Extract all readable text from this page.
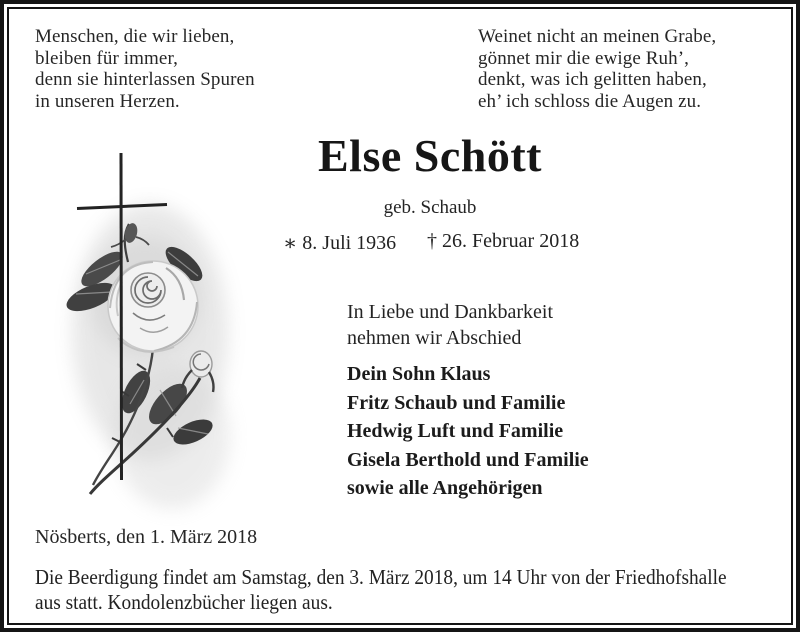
Menschen, die wir lieben,
bleiben für immer,
denn sie hinterlassen Spuren
in unseren Herzen.
Weinet nicht an meinen Grabe,
gönnet mir die ewige Ruh’,
denkt, was ich gelitten haben,
eh’ ich schloss die Augen zu.
Else Schött
geb. Schaub
∗ 8. Juli 1936 † 26. Februar 2018
In Liebe und Dankbarkeit
nehmen wir Abschied
Dein Sohn Klaus
Fritz Schaub und Familie
Hedwig Luft und Familie
Gisela Berthold und Familie
sowie alle Angehörigen
Nösberts, den 1. März 2018
Die Beerdigung findet am Samstag, den 3. März 2018, um 14 Uhr von der Friedhofshalle
aus statt. Kondolenzbücher liegen aus.
